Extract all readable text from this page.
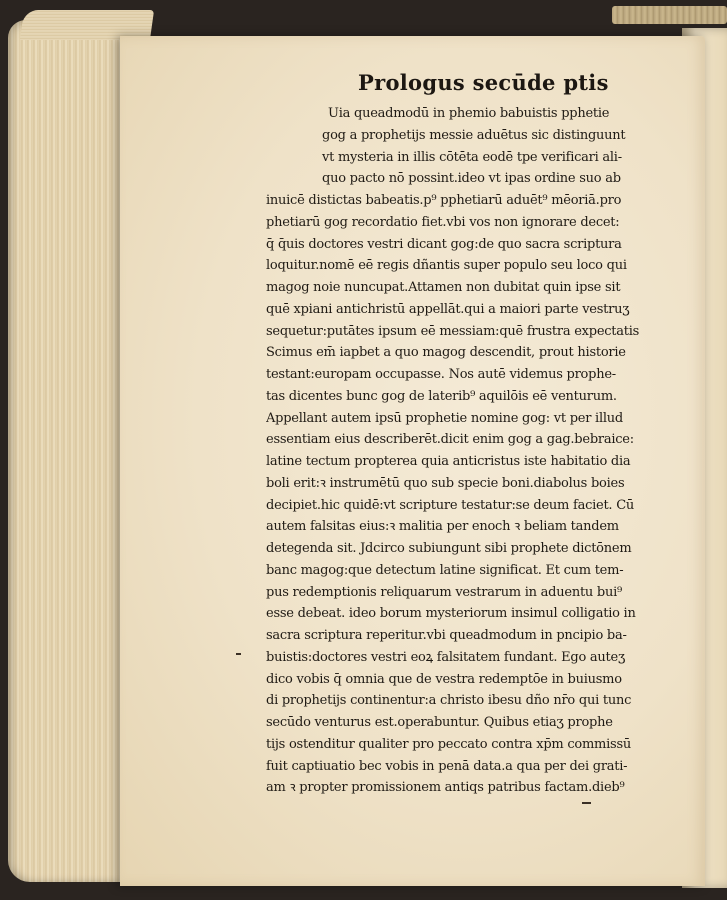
Prologus secūde ptis
Uia queadmodū in phemio babuistis pphetie
gog a prophetijs messie aduētus sic distinguunt
vt mysteria in illis cōtēta eodē tpe verificari ali-
quo pacto nō possint.ideo vt ipas ordine suo ab
inuicē distictas babeatis.p⁹ pphetiarū aduēt⁹ mēoriā.pro
phetiarū gog recordatio fiet.vbi vos non ignorare decet:
q̄ q̄uis doctores vestri dicant gog:de quo sacra scriptura
loquitur.nomē eē regis dñantis super populo seu loco qui
magog noie nuncupat.Attamen non dubitat quin ipse sit
quē xpiani antichristū appellāt.qui a maiori parte vestruʒ
sequetur:putātes ipsum eē messiam:quē frustra expectatis
Scimus em̄ iapbet a quo magog descendit, prout historie
testant:europam occupasse. Nos autē videmus prophe-
tas dicentes bunc gog de laterib⁹ aquilōis eē venturum.
Appellant autem ipsū prophetie nomine gog: vt per illud
essentiam eius describerēt.dicit enim gog a gag.bebraice:
latine tectum propterea quia anticristus iste habitatio dia
boli erit:ꝛ instrumētū quo sub specie boni.diabolus boies
decipiet.hic quidē:vt scripture testatur:se deum faciet. Cū
autem falsitas eius:ꝛ malitia per enoch ꝛ beliam tandem
detegenda sit. Jdcirco subiungunt sibi prophete dictōnem
banc magog:que detectum latine significat. Et cum tem-
pus redemptionis reliquarum vestrarum in aduentu bui⁹
esse debeat. ideo borum mysteriorum insimul colligatio in
sacra scriptura reperitur.vbi queadmodum in pncipio ba-
buistis:doctores vestri eoꝝ falsitatem fundant. Ego auteʒ
dico vobis q̄ omnia que de vestra redemptōe in buiusmo
di prophetijs continentur:a christo ibesu dño nr̄o qui tunc
secūdo venturus est.operabuntur. Quibus etiaʒ prophe
tijs ostenditur qualiter pro peccato contra xp̄m commissū
fuit captiuatio bec vobis in penā data.a qua per dei grati-
am ꝛ propter promissionem antiqs patribus factam.dieb⁹
